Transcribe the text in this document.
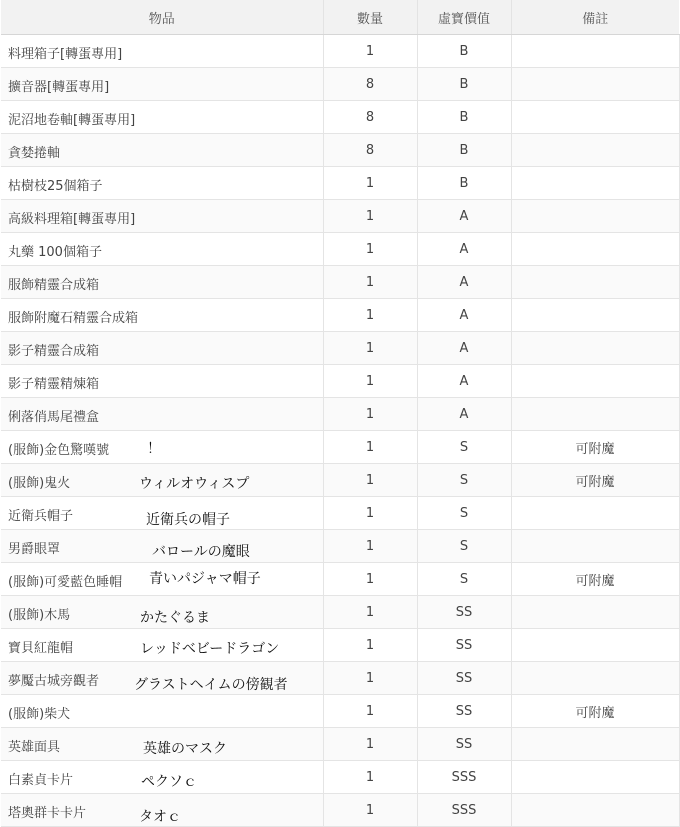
物品	數量	虛寶價值	備註

料理箱子[轉蛋專用]	1	B	

擴音器[轉蛋專用]	8	B	

泥沼地卷軸[轉蛋專用]	8	B	

貪婪捲軸	8	B	

枯樹枝25個箱子	1	B	

高級料理箱[轉蛋專用]	1	A	

丸藥 100個箱子	1	A	

服飾精靈合成箱	1	A	

服飾附魔石精靈合成箱	1	A	

影子精靈合成箱	1	A	

影子精靈精煉箱	1	A	

俐落俏馬尾禮盒	1	A	

(服飾)金色驚嘆號 ！	1	S	可附魔

(服飾)鬼火 ウィルオウィスプ	1	S	可附魔

近衛兵帽子 近衛兵の帽子	1	S	

男爵眼罩 バロールの魔眼	1	S	

(服飾)可愛藍色睡帽 青いパジャマ帽子	1	S	可附魔

(服飾)木馬 かたぐるま	1	SS	

寶貝紅龍帽 レッドベビードラゴン	1	SS	

夢魘古城旁觀者 グラストヘイムの傍観者	1	SS	

(服飾)柴犬	1	SS	可附魔

英雄面具 英雄のマスク	1	SS	

白素貞卡片 ペクソｃ	1	SSS	

塔奧群卡卡片 タオｃ	1	SSS	
